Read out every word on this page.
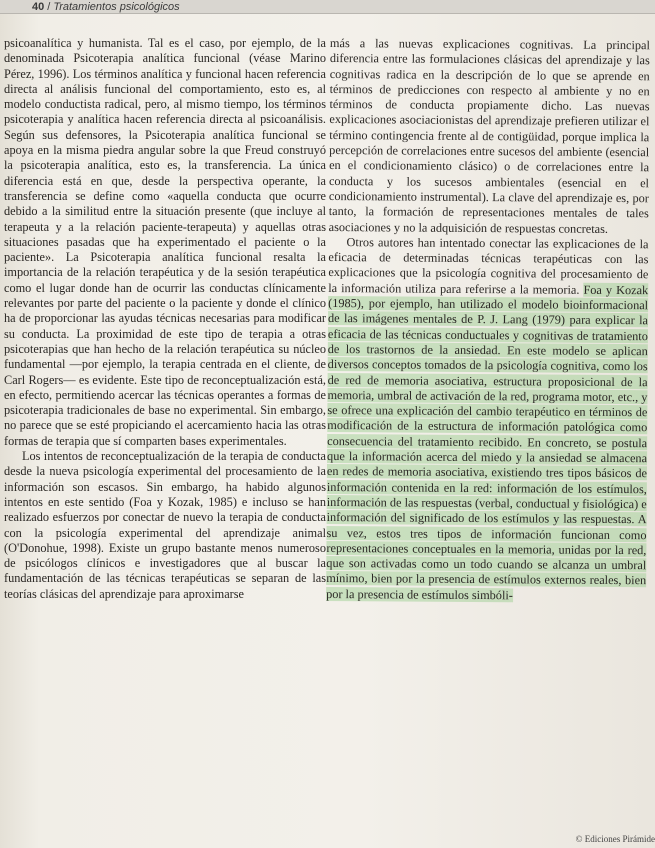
40 / Tratamientos psicológicos

psicoanalítica y humanista. Tal es el caso, por ejemplo, de la denominada Psicoterapia analítica funcional (véase Marino Pérez, 1996). Los términos analítica y funcional hacen referencia directa al análisis funcional del comportamiento, esto es, al modelo conductista radical, pero, al mismo tiempo, los términos psicoterapia y analítica hacen referencia directa al psicoanálisis. Según sus defensores, la Psicoterapia analítica funcional se apoya en la misma piedra angular sobre la que Freud construyó la psicoterapia analítica, esto es, la transferencia. La única diferencia está en que, desde la perspectiva operante, la transferencia se define como «aquella conducta que ocurre debido a la similitud entre la situación presente (que incluye al terapeuta y a la relación paciente-terapeuta) y aquellas otras situaciones pasadas que ha experimentado el paciente o la paciente». La Psicoterapia analítica funcional resalta la importancia de la relación terapéutica y de la sesión terapéutica como el lugar donde han de ocurrir las conductas clínicamente relevantes por parte del paciente o la paciente y donde el clínico ha de proporcionar las ayudas técnicas necesarias para modificar su conducta. La proximidad de este tipo de terapia a otras psicoterapias que han hecho de la relación terapéutica su núcleo fundamental —por ejemplo, la terapia centrada en el cliente, de Carl Rogers— es evidente. Este tipo de reconceptualización está, en efecto, permitiendo acercar las técnicas operantes a formas de psicoterapia tradicionales de base no experimental. Sin embargo, no parece que se esté propiciando el acercamiento hacia las otras formas de terapia que sí comparten bases experimentales.

Los intentos de reconceptualización de la terapia de conducta desde la nueva psicología experimental del procesamiento de la información son escasos. Sin embargo, ha habido algunos intentos en este sentido (Foa y Kozak, 1985) e incluso se han realizado esfuerzos por conectar de nuevo la terapia de conducta con la psicología experimental del aprendizaje animal (O'Donohue, 1998). Existe un grupo bastante menos numeroso de psicólogos clínicos e investigadores que al buscar la fundamentación de las técnicas terapéuticas se separan de las teorías clásicas del aprendizaje para aproximarse

más a las nuevas explicaciones cognitivas. La principal diferencia entre las formulaciones clásicas del aprendizaje y las cognitivas radica en la descripción de lo que se aprende en términos de predicciones con respecto al ambiente y no en términos de conducta propiamente dicho. Las nuevas explicaciones asociacionistas del aprendizaje prefieren utilizar el término contingencia frente al de contigüidad, porque implica la percepción de correlaciones entre sucesos del ambiente (esencial en el condicionamiento clásico) o de correlaciones entre la conducta y los sucesos ambientales (esencial en el condicionamiento instrumental). La clave del aprendizaje es, por tanto, la formación de representaciones mentales de tales asociaciones y no la adquisición de respuestas concretas.

Otros autores han intentado conectar las explicaciones de la eficacia de determinadas técnicas terapéuticas con las explicaciones que la psicología cognitiva del procesamiento de la información utiliza para referirse a la memoria. Foa y Kozak (1985), por ejemplo, han utilizado el modelo bioinformacional de las imágenes mentales de P. J. Lang (1979) para explicar la eficacia de las técnicas conductuales y cognitivas de tratamiento de los trastornos de la ansiedad. En este modelo se aplican diversos conceptos tomados de la psicología cognitiva, como los de red de memoria asociativa, estructura proposicional de la memoria, umbral de activación de la red, programa motor, etc., y se ofrece una explicación del cambio terapéutico en términos de modificación de la estructura de información patológica como consecuencia del tratamiento recibido. En concreto, se postula que la información acerca del miedo y la ansiedad se almacena en redes de memoria asociativa, existiendo tres tipos básicos de información contenida en la red: información de los estímulos, información de las respuestas (verbal, conductual y fisiológica) e información del significado de los estímulos y las respuestas. A su vez, estos tres tipos de información funcionan como representaciones conceptuales en la memoria, unidas por la red, que son activadas como un todo cuando se alcanza un umbral mínimo, bien por la presencia de estímulos externos reales, bien por la presencia de estímulos simbóli-

© Ediciones Pirámide
